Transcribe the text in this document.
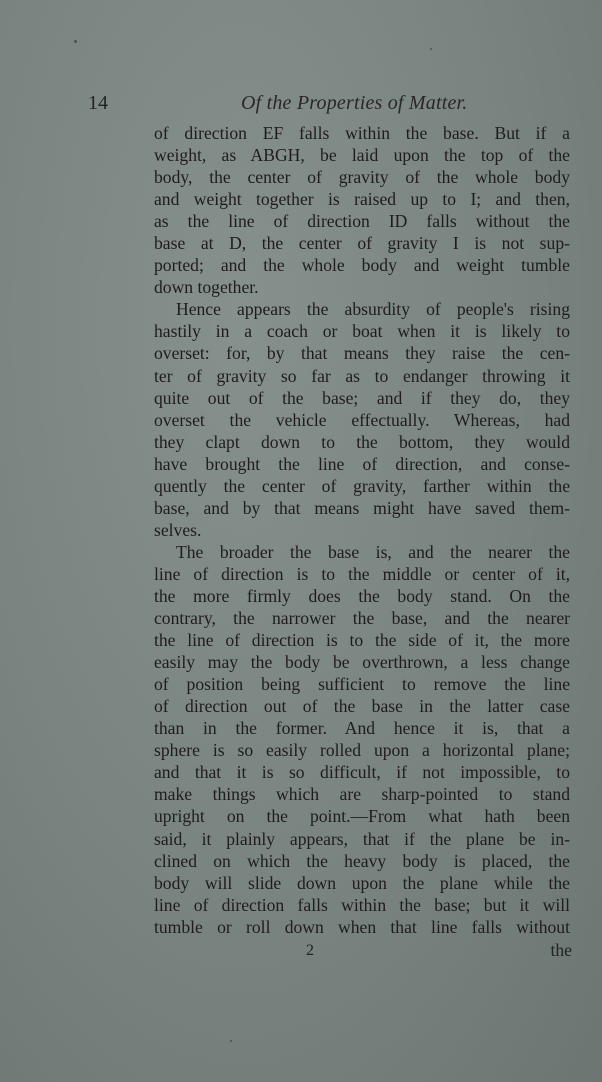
14	Of the Properties of Matter.
of direction EF falls within the base. But if a
weight, as ABGH, be laid upon the top of the
body, the center of gravity of the whole body
and weight together is raised up to I; and then,
as the line of direction ID falls without the
base at D, the center of gravity I is not sup-
ported; and the whole body and weight tumble
down together.
Hence appears the absurdity of people's rising
hastily in a coach or boat when it is likely to
overset: for, by that means they raise the cen-
ter of gravity so far as to endanger throwing it
quite out of the base; and if they do, they
overset the vehicle effectually. Whereas, had
they clapt down to the bottom, they would
have brought the line of direction, and conse-
quently the center of gravity, farther within the
base, and by that means might have saved them-
selves.
The broader the base is, and the nearer the
line of direction is to the middle or center of it,
the more firmly does the body stand. On the
contrary, the narrower the base, and the nearer
the line of direction is to the side of it, the more
easily may the body be overthrown, a less change
of position being sufficient to remove the line
of direction out of the base in the latter case
than in the former. And hence it is, that a
sphere is so easily rolled upon a horizontal plane;
and that it is so difficult, if not impossible, to
make things which are sharp-pointed to stand
upright on the point.—From what hath been
said, it plainly appears, that if the plane be in-
clined on which the heavy body is placed, the
body will slide down upon the plane while the
line of direction falls within the base; but it will
tumble or roll down when that line falls without
2	the
